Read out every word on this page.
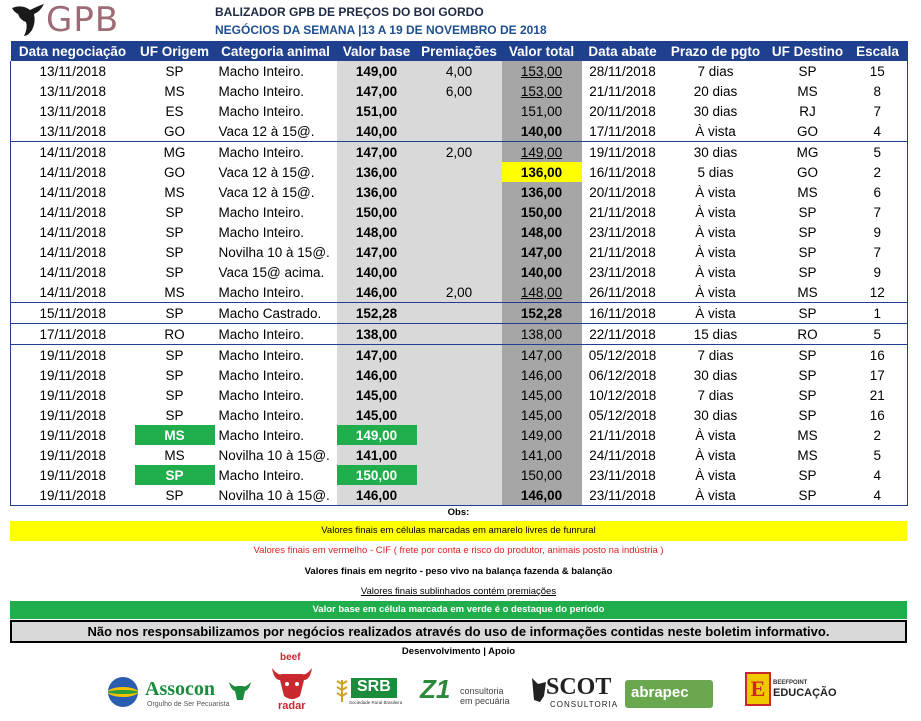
GPB	BALIZADOR GPB DE PREÇOS DO BOI GORDO
NEGÓCIOS DA SEMANA |13 A 19 DE NOVEMBRO DE 2018
Data negociação	UF Origem	Categoria animal	Valor base	Premiações	Valor total	Data abate	Prazo de pgto	UF Destino	Escala
13/11/2018	SP	Macho Inteiro.	149,00	4,00	153,00	28/11/2018	7 dias	SP	15
13/11/2018	MS	Macho Inteiro.	147,00	6,00	153,00	21/11/2018	20 dias	MS	8
13/11/2018	ES	Macho Inteiro.	151,00		151,00	20/11/2018	30 dias	RJ	7
13/11/2018	GO	Vaca 12 à 15@.	140,00		140,00	17/11/2018	À vista	GO	4
14/11/2018	MG	Macho Inteiro.	147,00	2,00	149,00	19/11/2018	30 dias	MG	5
14/11/2018	GO	Vaca 12 à 15@.	136,00		136,00	16/11/2018	5 dias	GO	2
14/11/2018	MS	Vaca 12 à 15@.	136,00		136,00	20/11/2018	À vista	MS	6
14/11/2018	SP	Macho Inteiro.	150,00		150,00	21/11/2018	À vista	SP	7
14/11/2018	SP	Macho Inteiro.	148,00		148,00	23/11/2018	À vista	SP	9
14/11/2018	SP	Novilha 10 à 15@.	147,00		147,00	21/11/2018	À vista	SP	7
14/11/2018	SP	Vaca 15@ acima.	140,00		140,00	23/11/2018	À vista	SP	9
14/11/2018	MS	Macho Inteiro.	146,00	2,00	148,00	26/11/2018	À vista	MS	12
15/11/2018	SP	Macho Castrado.	152,28		152,28	16/11/2018	À vista	SP	1
17/11/2018	RO	Macho Inteiro.	138,00		138,00	22/11/2018	15 dias	RO	5
19/11/2018	SP	Macho Inteiro.	147,00		147,00	05/12/2018	7 dias	SP	16
19/11/2018	SP	Macho Inteiro.	146,00		146,00	06/12/2018	30 dias	SP	17
19/11/2018	SP	Macho Inteiro.	145,00		145,00	10/12/2018	7 dias	SP	21
19/11/2018	SP	Macho Inteiro.	145,00		145,00	05/12/2018	30 dias	SP	16
19/11/2018	MS	Macho Inteiro.	149,00		149,00	21/11/2018	À vista	MS	2
19/11/2018	MS	Novilha 10 à 15@.	141,00		141,00	24/11/2018	À vista	MS	5
19/11/2018	SP	Macho Inteiro.	150,00		150,00	23/11/2018	À vista	SP	4
19/11/2018	SP	Novilha 10 à 15@.	146,00		146,00	23/11/2018	À vista	SP	4
Obs:
Valores finais em células marcadas em amarelo livres de funrural
Valores finais em vermelho - CIF ( frete por conta e risco do produtor, animais posto na indústria )
Valores finais em negrito - peso vivo na balança fazenda & balanção
Valores finais sublinhados contém premiações
Valor base em célula marcada em verde é o destaque do período
Não nos responsabilizamos por negócios realizados através do uso de informações contidas neste boletim informativo.
Desenvolvimento | Apoio
Assocon
Orgulho de Ser Pecuarista
beef
radar
SRB
Sociedade Rural Brasileira Z1 consultoria
em pecuária
SCOT
CONSULTORIA
abrapec	E	BEEFPOINT
EDUCAÇÃO
